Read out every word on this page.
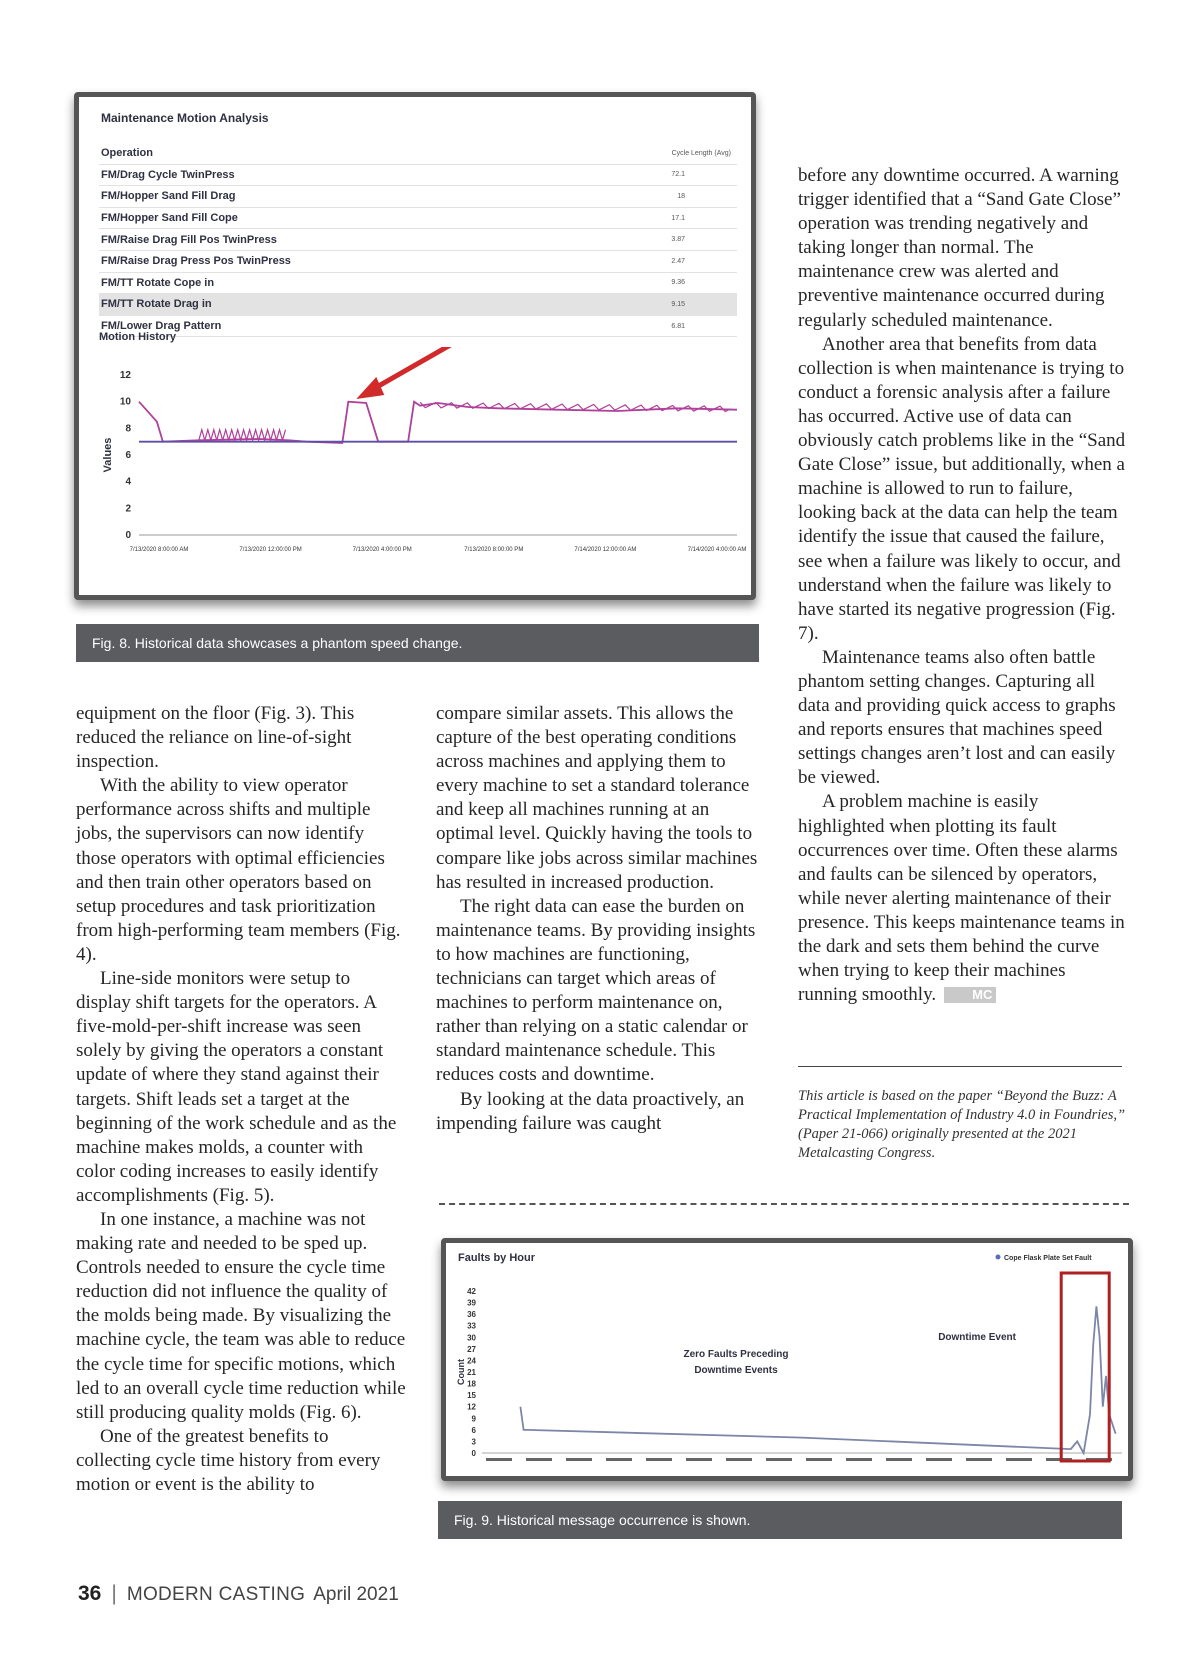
Maintenance Motion Analysis
Operation	Cycle Length (Avg)
FM/Drag Cycle TwinPress	72.1
FM/Hopper Sand Fill Drag	18
FM/Hopper Sand Fill Cope	17.1
FM/Raise Drag Fill Pos TwinPress	3.87
FM/Raise Drag Press Pos TwinPress	2.47
FM/TT Rotate Cope in	9.36
FM/TT Rotate Drag in	9.15
FM/Lower Drag Pattern	6.81
Motion History
Values
0
2
4
6
8
10
12
7/13/2020 8:00:00 AM	7/13/2020 12:00:00 PM	7/13/2020 4:00:00 PM	7/13/2020 8:00:00 PM	7/14/2020 12:00:00 AM	7/14/2020 4:00:00 AM
Fig. 8. Historical data showcases a phantom speed change.

equipment on the floor (Fig. 3). This reduced the reliance on line-of-sight inspection.

With the ability to view operator performance across shifts and multiple jobs, the supervisors can now identify those operators with optimal efficiencies and then train other operators based on setup procedures and task prioritization from high-performing team members (Fig. 4).

Line-side monitors were setup to display shift targets for the operators. A five-mold-per-shift increase was seen solely by giving the operators a constant update of where they stand against their targets. Shift leads set a target at the beginning of the work schedule and as the machine makes molds, a counter with color coding increases to easily identify accomplishments (Fig. 5).

In one instance, a machine was not making rate and needed to be sped up. Controls needed to ensure the cycle time reduction did not influence the quality of the molds being made. By visualizing the machine cycle, the team was able to reduce the cycle time for specific motions, which led to an overall cycle time reduction while still producing quality molds (Fig. 6).

One of the greatest benefits to collecting cycle time history from every motion or event is the ability to

compare similar assets. This allows the capture of the best operating conditions across machines and applying them to every machine to set a standard tolerance and keep all machines running at an optimal level. Quickly having the tools to compare like jobs across similar machines has resulted in increased production.

The right data can ease the burden on maintenance teams. By providing insights to how machines are functioning, technicians can target which areas of machines to perform maintenance on, rather than relying on a static calendar or standard maintenance schedule. This reduces costs and downtime.

By looking at the data proactively, an impending failure was caught

before any downtime occurred. A warning trigger identified that a “Sand Gate Close” operation was trending negatively and taking longer than normal. The maintenance crew was alerted and preventive maintenance occurred during regularly scheduled maintenance.

Another area that benefits from data collection is when maintenance is trying to conduct a forensic analysis after a failure has occurred. Active use of data can obviously catch problems like in the “Sand Gate Close” issue, but additionally, when a machine is allowed to run to failure, looking back at the data can help the team identify the issue that caused the failure, see when a failure was likely to occur, and understand when the failure was likely to have started its negative progression (Fig. 7).

Maintenance teams also often battle phantom setting changes. Capturing all data and providing quick access to graphs and reports ensures that machines speed settings changes aren’t lost and can easily be viewed.

A problem machine is easily highlighted when plotting its fault occurrences over time. Often these alarms and faults can be silenced by operators, while never alerting maintenance of their presence. This keeps maintenance teams in the dark and sets them behind the curve when trying to keep their machines running smoothly.	MC

This article is based on the paper “Beyond the Buzz: A Practical Implementation of Industry 4.0 in Foundries,” (Paper 21-066) originally presented at the 2021 Metalcasting Congress.
Faults by Hour	Cope Flask Plate Set Fault
Count
0
3
6
9
12
15
18
21
24
27
30
33
36
39
42
Zero Faults Preceding
Downtime Events
Downtime Event
Fig. 9. Historical message occurrence is shown.
36 | MODERN CASTING April 2021
